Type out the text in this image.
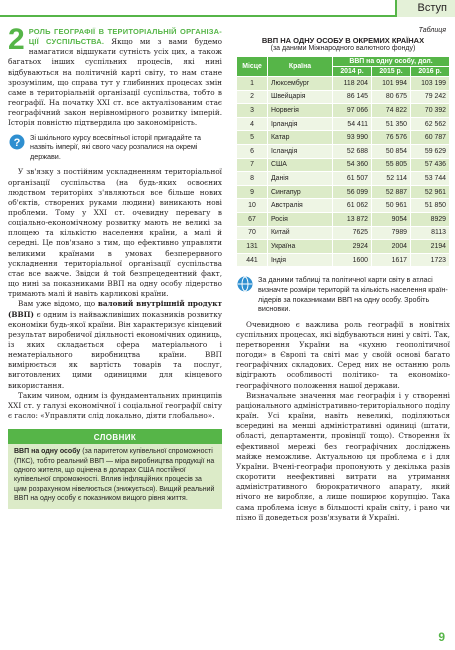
Вступ

2 РОЛЬ ГЕОГРАФІЇ В ТЕРИТОРІАЛЬНІЙ ОРГАНІЗА-ЦІЇ СУСПІЛЬСТВА. Якщо ми з вами будемо намагатися відшукати сутність усіх цих, а також багатьох інших суспільних процесів, які нині відбуваються на політичній карті світу, то нам стане зрозумілим, що справа тут у глибинних процесах змін саме в територіальній організації суспільства, тобто в географії. На початку XXI ст. все актуалізованим стає географічний закон нерівномірного розвитку імперій. Історія повністю підтвердила цю закономірність.

? Зі шкільного курсу всесвітньої історії пригадайте та назвіть імперії, які свого часу розпалися на окремі держави.

У зв'язку з постійним ускладненням територіальної організації суспільства (на будь-яких освоєних людством територіях з'являються все більше нових об'єктів, створених руками людини) виникають нові проблеми. Тому у XXI ст. очевидну перевагу в соціально-економічному розвитку мають не великі за площею та кількістю населення країни, а малі й середні. Це пов'язано з тим, що ефективно управляти великими країнами в умовах безперервного ускладнення територіальної організації суспільства стає все важче. Звідси й той безпрецедентний факт, що нині за показниками ВВП на одну особу лідерство тримають малі й навіть карликові країни.

Вам уже відомо, що валовий внутрішній продукт (ВВП) є одним із найважливіших показників розвитку економіки будь-якої країни. Він характеризує кінцевий результат виробничої діяльності економічних одиниць, із яких складається сфера матеріального і нематеріального виробництва країни. ВВП вимірюється як вартість товарів та послуг, виготовлених цими одиницями для кінцевого використання.

Таким чином, одним із фундаментальних принципів XXI ст. у галузі економічної і соціальної географії світу є гасло: «Управляти слід локально, діяти глобально».

СЛОВНИК
ВВП на одну особу (за паритетом купівельної спроможності (ПКС), тобто реальний ВВП — міра виробництва продукції на одного жителя, що оцінена в доларах США постійної купівельної спроможності. Вплив інфляційних процесів за цим розрахунком нівелюється (знижується). Вищий реальний ВВП на одну особу є показником вищого рівня життя.
Таблиця
ВВП НА ОДНУ ОСОБУ В ОКРЕМИХ КРАЇНАХ
(за даними Міжнародного валютного фонду)
Місце	Країна	ВВП на одну особу, дол.		
		2014 р.	2015 р.	2016 р.
1	Люксембург	118 204	101 994	103 199
2	Швейцарія	86 145	80 675	79 242
3	Норвегія	97 066	74 822	70 392
4	Ірландія	54 411	51 350	62 562
5	Катар	93 990	76 576	60 787
6	Ісландія	52 688	50 854	59 629
7	США	54 360	55 805	57 436
8	Данія	61 507	52 114	53 744
9	Сингапур	56 099	52 887	52 961
10	Австралія	61 062	50 961	51 850
67	Росія	13 872	9054	8929
70	Китай	7625	7989	8113
131	Україна	2924	2004	2194
441	Індія	1600	1617	1723
За даними таблиці та політичної карти світу в атласі визначте розміри територій та кількість населення країн-лідерів за показниками ВВП на одну особу. Зробіть висновки.

Очевидною є важлива роль географії в новітніх суспільних процесах, які відбуваються нині у світі. Так, перетворення України на «кухню геополітичної погоди» в Європі та світі має у своїй основі багато географічних складових. Серед них не останню роль відіграють особливості політико- та економіко-географічного положення нашої держави.

Визначальне значення має географія і у створенні раціонального адміністративно-територіального поділу країн. Усі країни, навіть невеликі, поділяються всередині на менші адміністративні одиниці (штати, області, департаменти, провінції тощо). Створення їх ефективної мережі без географічних досліджень майже неможливе. Актуальною ця проблема є і для України. Вчені-географи пропонують у декілька разів скоротити неефективні витрати на утримання адміністративного бюрократичного апарату, який нічого не виробляє, а лише поширює корупцію. Така сама проблема існує в більшості країн світу, і рано чи пізно її доведеться розв'язувати й Україні.

9
